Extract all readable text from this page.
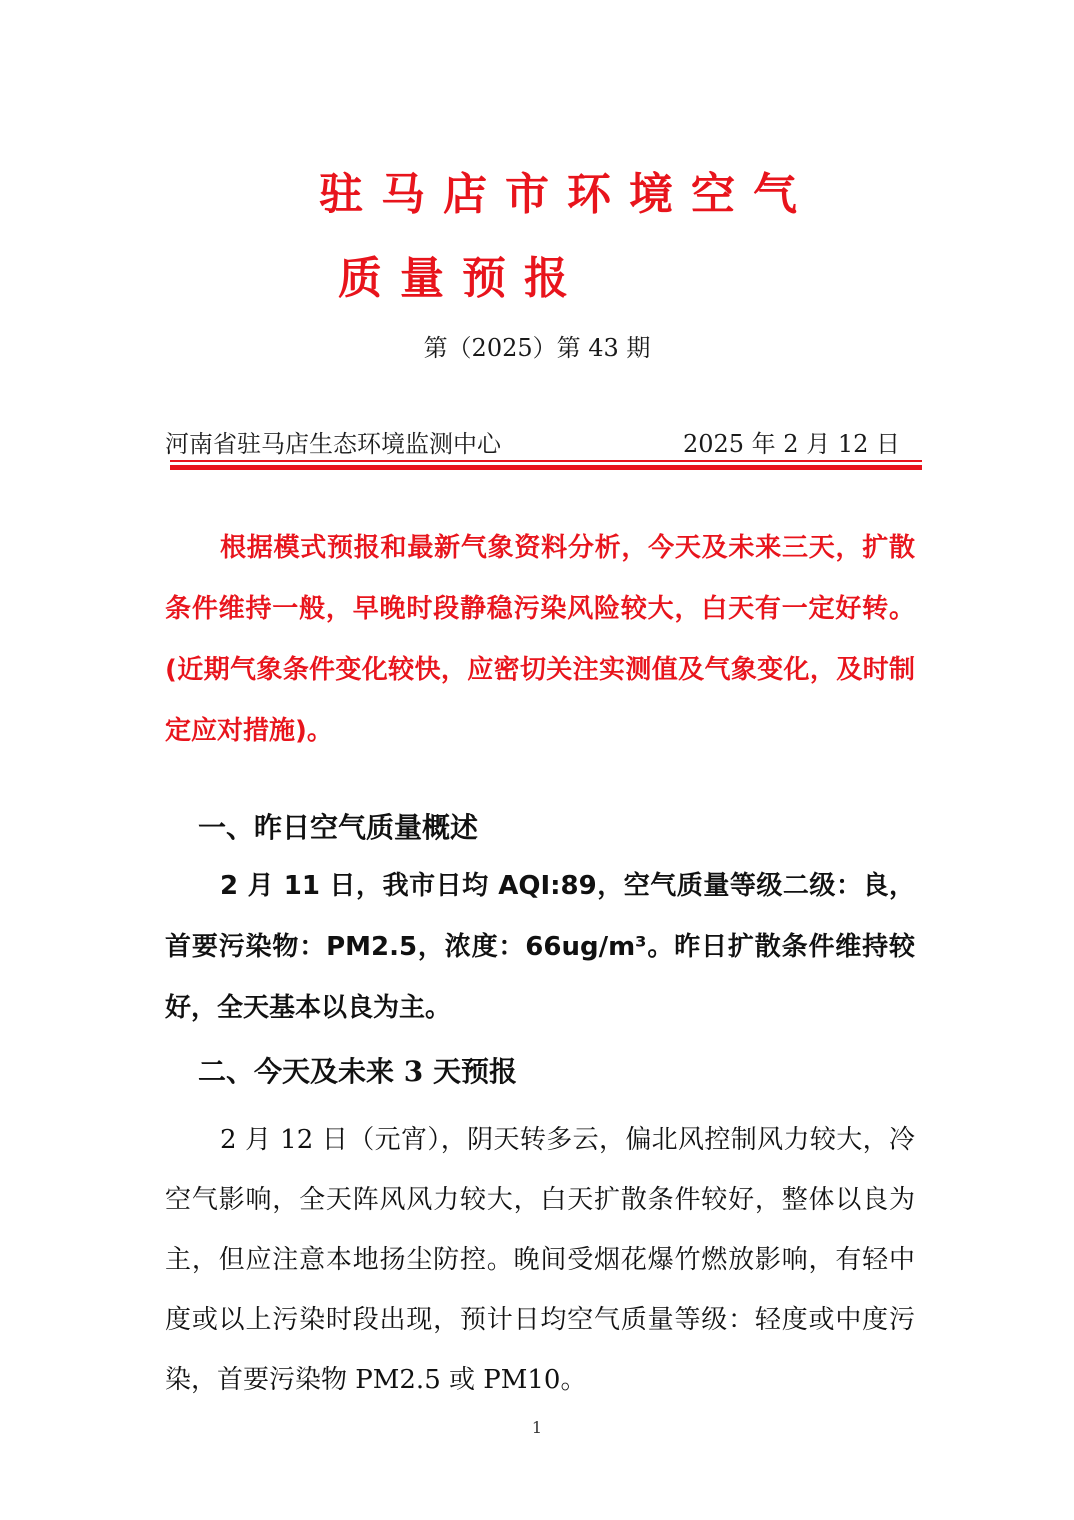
驻马店市环境空气
质量预报
第（2025）第 43 期
河南省驻马店生态环境监测中心	2025 年 2 月 12 日

根据模式预报和最新气象资料分析，今天及未来三天，扩散条件维持一般，早晚时段静稳污染风险较大，白天有一定好转。(近期气象条件变化较快，应密切关注实测值及气象变化，及时制定应对措施)。

一、昨日空气质量概述

2 月 11 日，我市日均 AQI:89，空气质量等级二级：良，首要污染物：PM2.5，浓度：66ug/m³。昨日扩散条件维持较好，全天基本以良为主。

二、今天及未来 3 天预报

2 月 12 日（元宵），阴天转多云，偏北风控制风力较大，冷空气影响，全天阵风风力较大，白天扩散条件较好，整体以良为主，但应注意本地扬尘防控。晚间受烟花爆竹燃放影响，有轻中度或以上污染时段出现，预计日均空气质量等级：轻度或中度污染，首要污染物 PM2.5 或 PM10。

1
